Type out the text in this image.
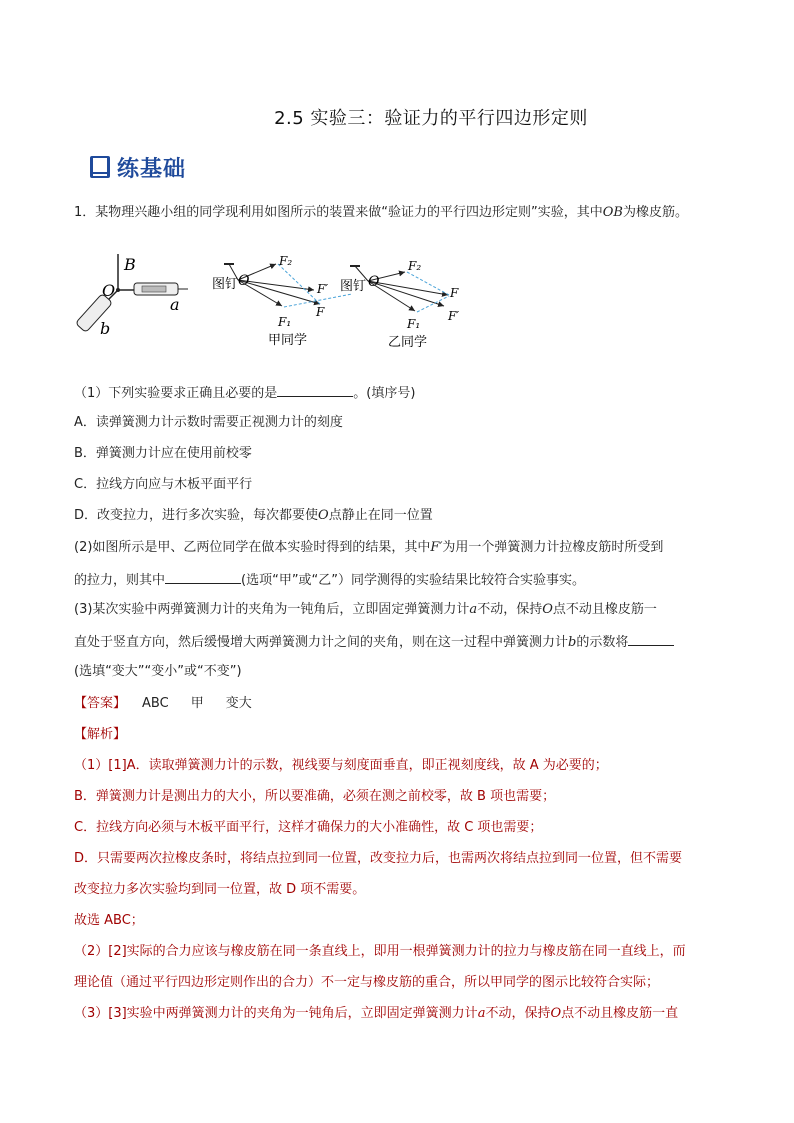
2.5 实验三：验证力的平行四边形定则
练基础
1．某物理兴趣小组的同学现利用如图所示的装置来做“验证力的平行四边形定则”实验，其中OB为橡皮筋。
B
O
a
b
F₂
F′
F
F₁
图钉 O
甲同学
F₂
F
F′
F₁
图钉 O
乙同学
（1）下列实验要求正确且必要的是	。(填序号)
A．读弹簧测力计示数时需要正视测力计的刻度
B．弹簧测力计应在使用前校零
C．拉线方向应与木板平面平行
D．改变拉力，进行多次实验，每次都要使O点静止在同一位置
(2)如图所示是甲、乙两位同学在做本实验时得到的结果，其中F′为用一个弹簧测力计拉橡皮筋时所受到
的拉力，则其中	(选项“甲”或“乙”）同学测得的实验结果比较符合实验事实。
(3)某次实验中两弹簧测力计的夹角为一钝角后，立即固定弹簧测力计a不动，保持O点不动且橡皮筋一
直处于竖直方向，然后缓慢增大两弹簧测力计之间的夹角，则在这一过程中弹簧测力计b的示数将
(选填“变大”“变小”或“不变”)
【答案】 ABC 甲 变大
【解析】
（1）[1]A．读取弹簧测力计的示数，视线要与刻度面垂直，即正视刻度线，故 A 为必要的；
B．弹簧测力计是测出力的大小，所以要准确，必须在测之前校零，故 B 项也需要；
C．拉线方向必须与木板平面平行，这样才确保力的大小准确性，故 C 项也需要；
D．只需要两次拉橡皮条时，将结点拉到同一位置，改变拉力后，也需两次将结点拉到同一位置，但不需要
改变拉力多次实验均到同一位置，故 D 项不需要。
故选 ABC；
（2）[2]实际的合力应该与橡皮筋在同一条直线上，即用一根弹簧测力计的拉力与橡皮筋在同一直线上，而
理论值（通过平行四边形定则作出的合力）不一定与橡皮筋的重合，所以甲同学的图示比较符合实际；
（3）[3]实验中两弹簧测力计的夹角为一钝角后，立即固定弹簧测力计a不动，保持O点不动且橡皮筋一直
